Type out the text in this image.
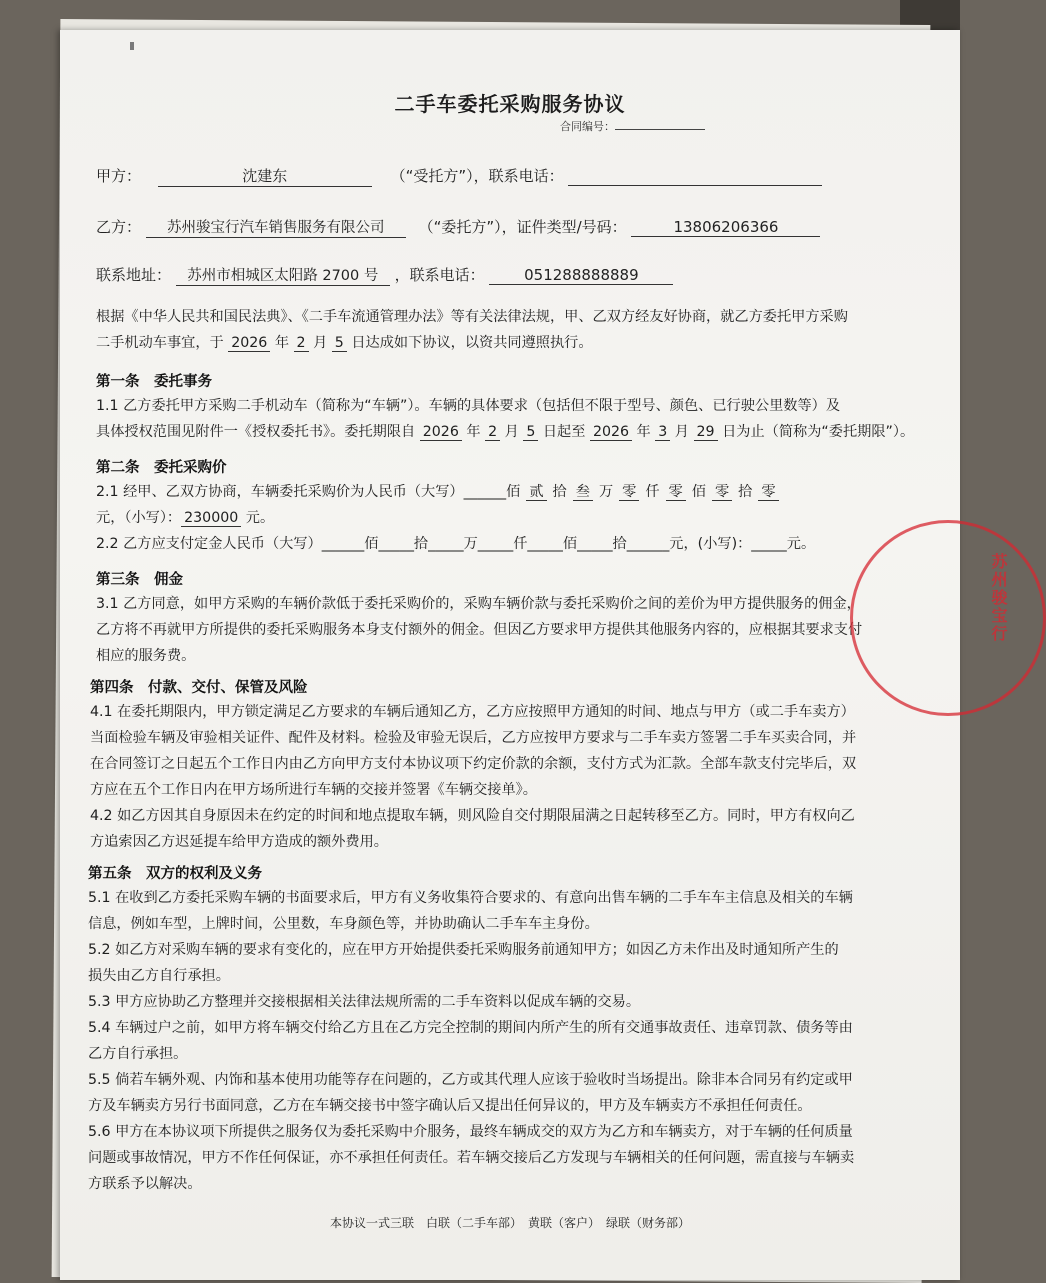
二手车委托采购服务协议
合同编号：
甲方：	沈建东	（“受托方”），联系电话：
乙方： 苏州骏宝行汽车销售服务有限公司 （“委托方”），证件类型/号码：	13806206366
联系地址： 苏州市相城区太阳路 2700 号 ，联系电话：	051288888889
根据《中华人民共和国民法典》、《二手车流通管理办法》等有关法律法规，甲、乙双方经友好协商，就乙方委托甲方采购
二手机动车事宜，于 2026 年 2 月 5 日达成如下协议，以资共同遵照执行。
第一条　委托事务
1.1 乙方委托甲方采购二手机动车（简称为“车辆”）。车辆的具体要求（包括但不限于型号、颜色、已行驶公里数等）及
具体授权范围见附件一《授权委托书》。委托期限自 2026 年 2 月 5 日起至 2026 年 3 月 29 日为止（简称为“委托期限”）。
第二条　委托采购价
2.1 经甲、乙双方协商，车辆委托采购价为人民币（大写）______佰 贰 拾 叁 万 零 仟 零 佰 零 拾 零
元，（小写）： 230000 元。
2.2 乙方应支付定金人民币（大写）______佰_____拾_____万_____仟_____佰_____拾______元，(小写)：_____元。
第三条　佣金
3.1 乙方同意，如甲方采购的车辆价款低于委托采购价的，采购车辆价款与委托采购价之间的差价为甲方提供服务的佣金，
乙方将不再就甲方所提供的委托采购服务本身支付额外的佣金。但因乙方要求甲方提供其他服务内容的，应根据其要求支付
相应的服务费。
第四条　付款、交付、保管及风险
4.1 在委托期限内，甲方锁定满足乙方要求的车辆后通知乙方，乙方应按照甲方通知的时间、地点与甲方（或二手车卖方）
当面检验车辆及审验相关证件、配件及材料。检验及审验无误后，乙方应按甲方要求与二手车卖方签署二手车买卖合同，并
在合同签订之日起五个工作日内由乙方向甲方支付本协议项下约定价款的余额，支付方式为汇款。全部车款支付完毕后，双
方应在五个工作日内在甲方场所进行车辆的交接并签署《车辆交接单》。
4.2 如乙方因其自身原因未在约定的时间和地点提取车辆，则风险自交付期限届满之日起转移至乙方。同时，甲方有权向乙
方追索因乙方迟延提车给甲方造成的额外费用。
第五条　双方的权利及义务
5.1 在收到乙方委托采购车辆的书面要求后，甲方有义务收集符合要求的、有意向出售车辆的二手车车主信息及相关的车辆
信息，例如车型，上牌时间，公里数，车身颜色等，并协助确认二手车车主身份。
5.2 如乙方对采购车辆的要求有变化的，应在甲方开始提供委托采购服务前通知甲方；如因乙方未作出及时通知所产生的
损失由乙方自行承担。
5.3 甲方应协助乙方整理并交接根据相关法律法规所需的二手车资料以促成车辆的交易。
5.4 车辆过户之前，如甲方将车辆交付给乙方且在乙方完全控制的期间内所产生的所有交通事故责任、违章罚款、债务等由
乙方自行承担。
5.5 倘若车辆外观、内饰和基本使用功能等存在问题的，乙方或其代理人应该于验收时当场提出。除非本合同另有约定或甲
方及车辆卖方另行书面同意，乙方在车辆交接书中签字确认后又提出任何异议的，甲方及车辆卖方不承担任何责任。
5.6 甲方在本协议项下所提供之服务仅为委托采购中介服务，最终车辆成交的双方为乙方和车辆卖方，对于车辆的任何质量
问题或事故情况，甲方不作任何保证，亦不承担任何责任。若车辆交接后乙方发现与车辆相关的任何问题，需直接与车辆卖
方联系予以解决。
本协议一式三联　白联（二手车部）　黄联（客户）　绿联（财务部）
苏州骏宝行
